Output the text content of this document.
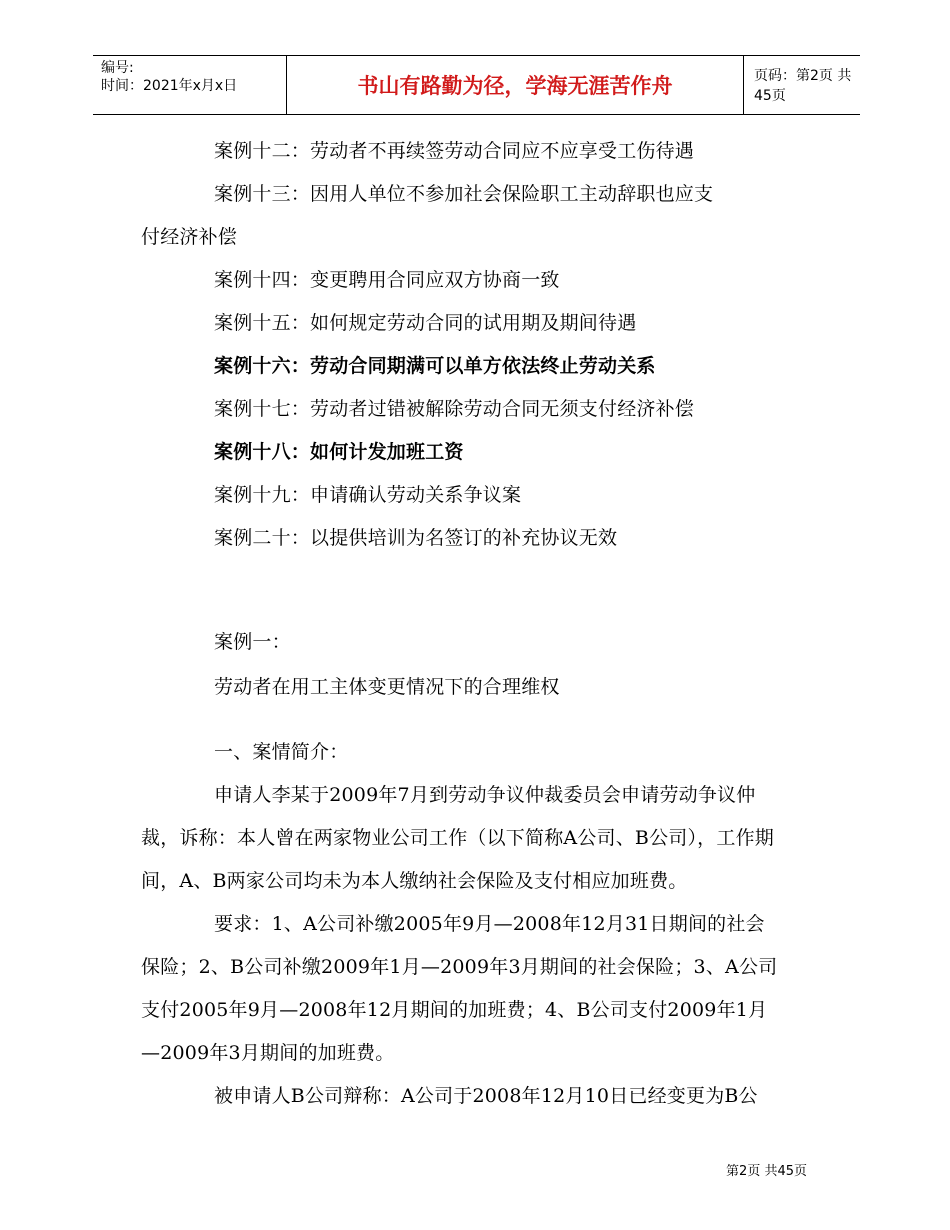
编号:
时间：2021年x月x日	书山有路勤为径，学海无涯苦作舟	页码：第2页 共45页
案例十二：劳动者不再续签劳动合同应不应享受工伤待遇
案例十三：因用人单位不参加社会保险职工主动辞职也应支
付经济补偿
案例十四：变更聘用合同应双方协商一致
案例十五：如何规定劳动合同的试用期及期间待遇
案例十六：劳动合同期满可以单方依法终止劳动关系
案例十七：劳动者过错被解除劳动合同无须支付经济补偿
案例十八：如何计发加班工资
案例十九：申请确认劳动关系争议案
案例二十：以提供培训为名签订的补充协议无效
案例一：
劳动者在用工主体变更情况下的合理维权
一、案情简介：
申请人李某于2009年7月到劳动争议仲裁委员会申请劳动争议仲
裁，诉称：本人曾在两家物业公司工作（以下简称A公司、B公司），工作期
间，A、B两家公司均未为本人缴纳社会保险及支付相应加班费。
要求：1、A公司补缴2005年9月—2008年12月31日期间的社会
保险；2、B公司补缴2009年1月—2009年3月期间的社会保险；3、A公司
支付2005年9月—2008年12月期间的加班费；4、B公司支付2009年1月
—2009年3月期间的加班费。
被申请人B公司辩称：A公司于2008年12月10日已经变更为B公
第2页 共45页
